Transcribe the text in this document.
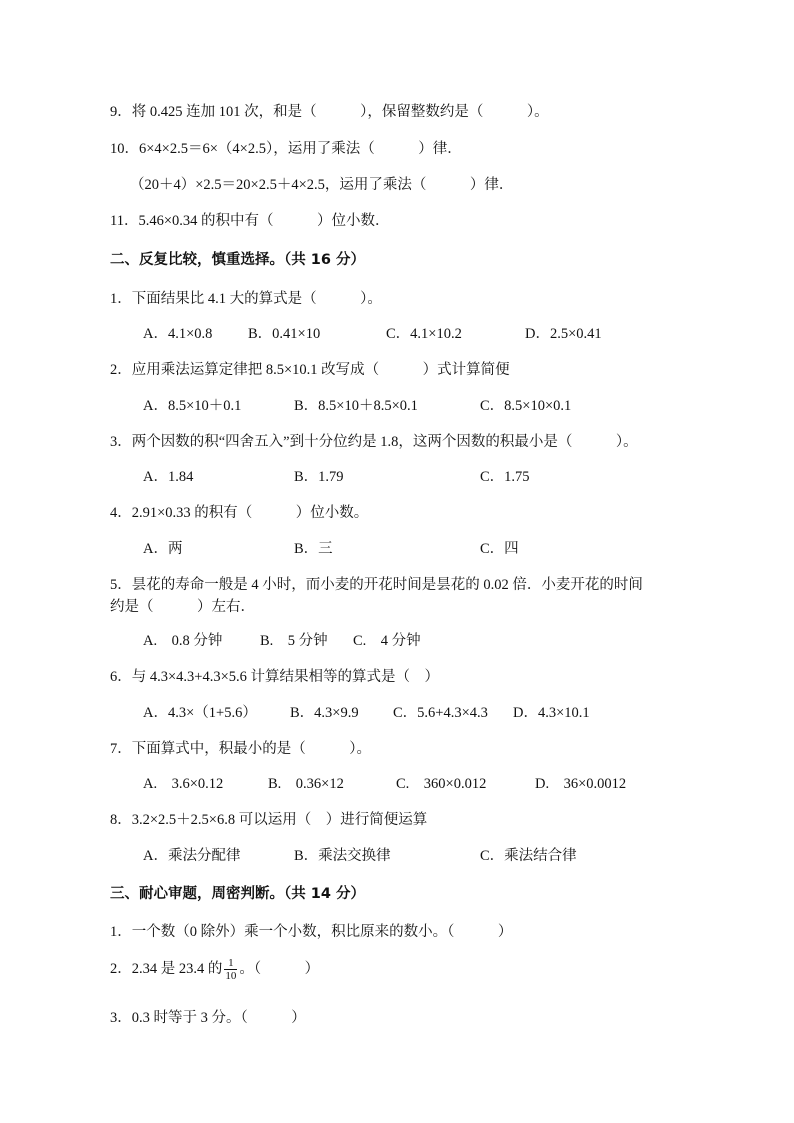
9．将 0.425 连加 101 次，和是（　　　），保留整数约是（　　　）。
10．6×4×2.5＝6×（4×2.5），运用了乘法（　　　）律．
（20＋4）×2.5＝20×2.5＋4×2.5，运用了乘法（　　　）律．
11．5.46×0.34 的积中有（　　　）位小数．
二、反复比较，慎重选择。（共 16 分）
1．下面结果比 4.1 大的算式是（　　　）。
A．4.1×0.8 B．0.41×10	C．4.1×10.2	D．2.5×0.41
2．应用乘法运算定律把 8.5×10.1 改写成（　　　）式计算简便
A．8.5×10＋0.1	B．8.5×10＋8.5×0.1	C．8.5×10×0.1
3．两个因数的积“四舍五入”到十分位约是 1.8，这两个因数的积最小是（　　　）。
A．1.84	B．1.79	C．1.75
4．2.91×0.33 的积有（　　　）位小数。
A．两	B．三	C．四
5．昙花的寿命一般是 4 小时，而小麦的开花时间是昙花的 0.02 倍．小麦开花的时间
约是（　　　）左右．
A.　0.8 分钟	B.　5 分钟 C.　4 分钟
6．与 4.3×4.3+4.3×5.6 计算结果相等的算式是（　）
A．4.3×（1+5.6） B．4.3×9.9 C．5.6+4.3×4.3 D．4.3×10.1
7．下面算式中，积最小的是（　　　）。
A.　3.6×0.12	B.　0.36×12	C.　360×0.012	D.　36×0.0012
8．3.2×2.5＋2.5×6.8 可以运用（　）进行简便运算
A．乘法分配律	B．乘法交换律	C．乘法结合律
三、耐心审题，周密判断。（共 14 分）
1．一个数（0 除外）乘一个小数，积比原来的数小。（　　　）
2．2.34 是 23.4 的 $\frac{1}{10}$ 。（　　　）
3．0.3 时等于 3 分。（　　　）
